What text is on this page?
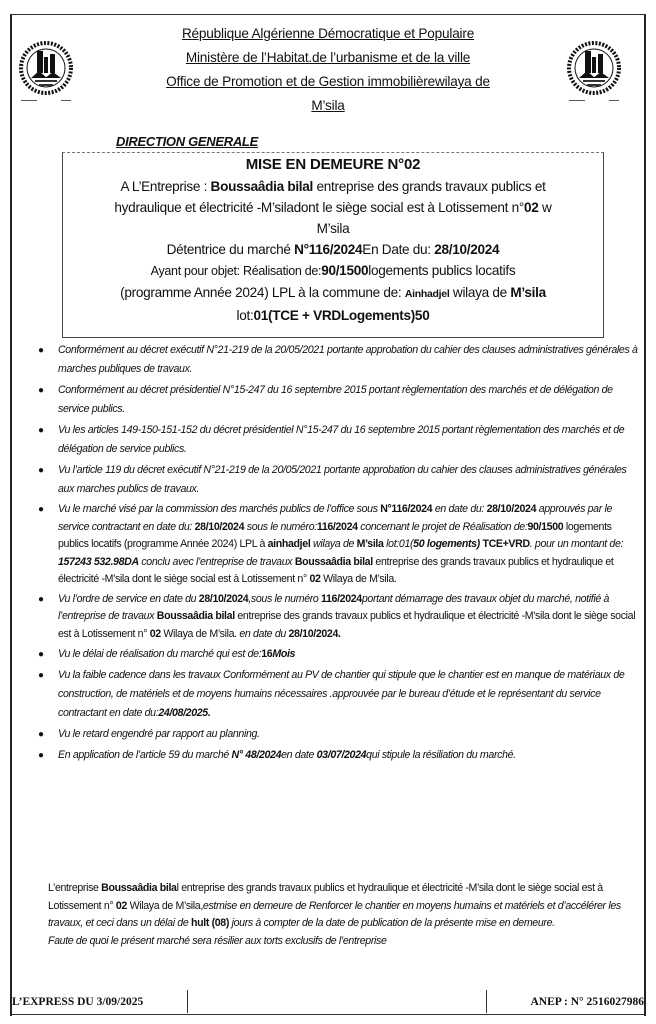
République Algérienne Démocratique et Populaire
Ministère de l’Habitat.de l’urbanisme et de la ville
Office de Promotion et de Gestion immobilièrewilaya de
M’sila
DIRECTION GENERALE
MISE EN DEMEURE N°02
A L’Entreprise : Boussaâdia bilal entreprise des grands travaux publics et
hydraulique et électricité -M’siladont le siège social est à Lotissement n°02 w
M’sila
Détentrice du marché N°116/2024En Date du: 28/10/2024
Ayant pour objet: Réalisation de:90/1500logements publics locatifs
(programme Année 2024) LPL à la commune de: Ainhadjel wilaya de M’sila
lot:01(TCE + VRDLogements)50
● Conformément au décret exécutif N°21-219 de la 20/05/2021 portante approbation du cahier des clauses administratives générales à marches publiques de travaux.
● Conformément au décret présidentiel N°15-247 du 16 septembre 2015 portant règlementation des marchés et de délégation de service publics.
● Vu les articles 149-150-151-152 du décret présidentiel N°15-247 du 16 septembre 2015 portant règlementation des marchés et de délégation de service publics.
● Vu l’article 119 du décret exécutif N°21-219 de la 20/05/2021 portante approbation du cahier des clauses administratives générales aux marches publics de travaux.
● Vu le marché visé par la commission des marchés publics de l’office sous N°116/2024 en date du: 28/10/2024 approuvés par le service contractant en date du: 28/10/2024 sous le numéro:116/2024 concernant le projet de Réalisation de:90/1500 logements publics locatifs (programme Année 2024) LPL à ainhadjel wilaya de M’sila lot:01(50 logements) TCE+VRD. pour un montant de: 157243 532.98DA conclu avec l’entreprise de travaux Boussaâdia bilal entreprise des grands travaux publics et hydraulique et électricité -M’sila dont le siège social est à Lotissement n° 02 Wilaya de M’sila.
● Vu l’ordre de service en date du 28/10/2024,sous le numéro 116/2024portant démarrage des travaux objet du marché, notifié à l’entreprise de travaux Boussaâdia bilal entreprise des grands travaux publics et hydraulique et électricité -M’sila dont le siège social est à Lotissement n° 02 Wilaya de M’sila. en date du 28/10/2024.
● Vu le délai de réalisation du marché qui est de:16Mois
● Vu la faible cadence dans les travaux Conformément au PV de chantier qui stipule que le chantier est en manque de matériaux de construction, de matériels et de moyens humains nécessaires .approuvée par le bureau d’étude et le représentant du service contractant en date du:24/08/2025.
● Vu le retard engendré par rapport au planning.
● En application de l’article 59 du marché N° 48/2024en date 03/07/2024qui stipule la résiliation du marché.
L’entreprise Boussaâdia bilal entreprise des grands travaux publics et hydraulique et électricité -M’sila dont le siège social est à Lotissement n° 02 Wilaya de M’sila,estmise en demeure de Renforcer le chantier en moyens humains et matériels et d’accélérer les travaux, et ceci dans un délai de hult (08) jours à compter de la date de publication de la présente mise en demeure.
Faute de quoi le présent marché sera résilier aux torts exclusifs de l’entreprise
L’EXPRESS DU 3/09/2025	ANEP : N° 2516027986
